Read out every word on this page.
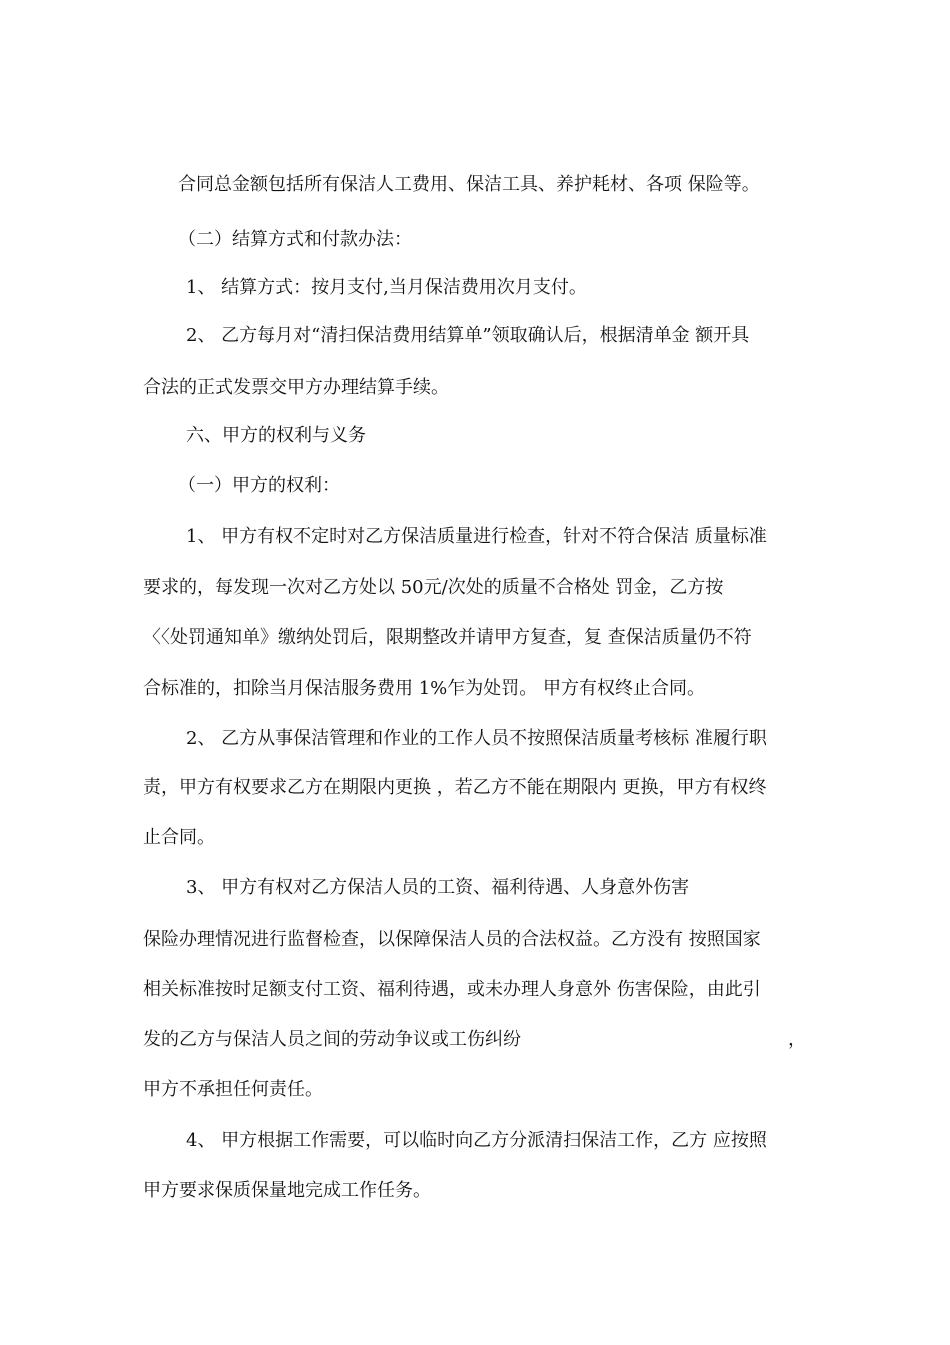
合同总金额包括所有保洁人工费用、保洁工具、养护耗材、各项 保险等。
（二）结算方式和付款办法：
1、 结算方式：按月支付,当月保洁费用次月支付。
2、 乙方每月对“清扫保洁费用结算单”领取确认后，根据清单金 额开具
合法的正式发票交甲方办理结算手续。
六、甲方的权利与义务
（一）甲方的权利：
1、 甲方有权不定时对乙方保洁质量进行检查，针对不符合保洁 质量标准
要求的，每发现一次对乙方处以 50元/次处的质量不合格处 罚金，乙方按
〈〈处罚通知单》缴纳处罚后，限期整改并请甲方复查，复 查保洁质量仍不符
合标准的，扣除当月保洁服务费用 1%乍为处罚。 甲方有权终止合同。
2、 乙方从事保洁管理和作业的工作人员不按照保洁质量考核标 准履行职
责，甲方有权要求乙方在期限内更换 ，若乙方不能在期限内 更换，甲方有权终
止合同。
3、 甲方有权对乙方保洁人员的工资、福利待遇、人身意外伤害
保险办理情况进行监督检查，以保障保洁人员的合法权益。乙方没有 按照国家
相关标准按时足额支付工资、福利待遇，或未办理人身意外 伤害保险，由此引
发的乙方与保洁人员之间的劳动争议或工伤纠纷	，
甲方不承担任何责任。
4、 甲方根据工作需要，可以临时向乙方分派清扫保洁工作，乙方 应按照
甲方要求保质保量地完成工作任务。
